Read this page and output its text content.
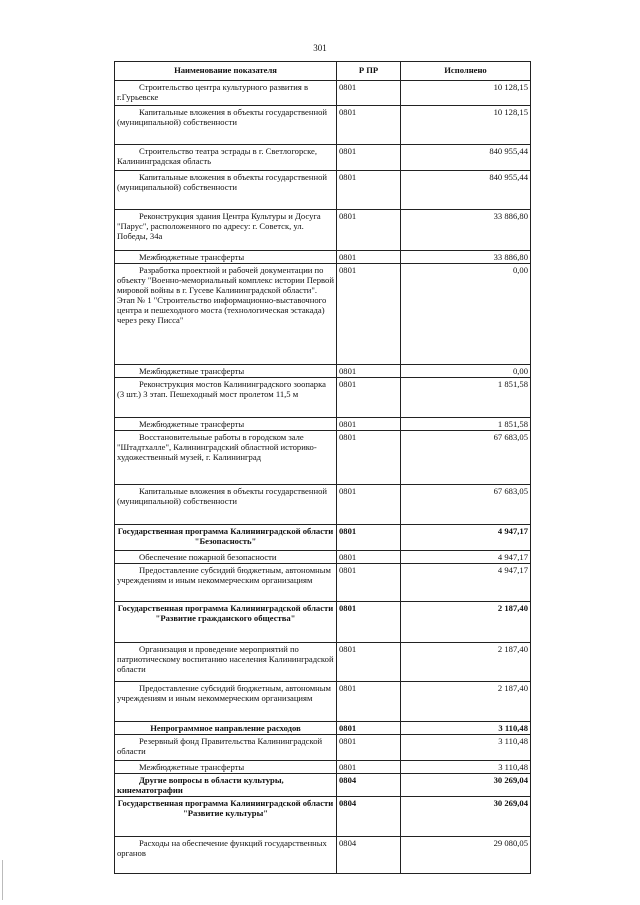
301
Наименование показателя	Р ПР	Исполнено
Строительство центра культурного развития в г.Гурьевске	0801	10 128,15
Капитальные вложения в объекты государственной (муниципальной) собственности	0801	10 128,15
Строительство театра эстрады в г. Светлогорске, Калининградская область	0801	840 955,44
Капитальные вложения в объекты государственной (муниципальной) собственности	0801	840 955,44
Реконструкция здания Центра Культуры и Досуга "Парус", расположенного по адресу: г. Советск, ул. Победы, 34а	0801	33 886,80
Межбюджетные трансферты	0801	33 886,80
Разработка проектной и рабочей документации по объекту "Военно-мемориальный комплекс истории Первой мировой войны в г. Гусеве Калининградской области". Этап № 1 "Строительство информационно-выставочного центра и пешеходного моста (технологическая эстакада) через реку Писса"	0801	0,00
Межбюджетные трансферты	0801	0,00
Реконструкция мостов Калининградского зоопарка (3 шт.) 3 этап. Пешеходный мост пролетом 11,5 м	0801	1 851,58
Межбюджетные трансферты	0801	1 851,58
Восстановительные работы в городском зале "Штадтхалле", Калининградский областной историко-художественный музей, г. Калининград	0801	67 683,05
Капитальные вложения в объекты государственной (муниципальной) собственности	0801	67 683,05
Государственная программа Калининградской области "Безопасность"	0801	4 947,17
Обеспечение пожарной безопасности	0801	4 947,17
Предоставление субсидий бюджетным, автономным учреждениям и иным некоммерческим организациям	0801	4 947,17
Государственная программа Калининградской области "Развитие гражданского общества"	0801	2 187,40
Организация и проведение мероприятий по патриотическому воспитанию населения Калининградской области	0801	2 187,40
Предоставление субсидий бюджетным, автономным учреждениям и иным некоммерческим организациям	0801	2 187,40
Непрограммное направление расходов	0801	3 110,48
Резервный фонд Правительства Калининградской области	0801	3 110,48
Межбюджетные трансферты	0801	3 110,48
Другие вопросы в области культуры, кинематографии	0804	30 269,04
Государственная программа Калининградской области "Развитие культуры"	0804	30 269,04
Расходы на обеспечение функций государственных органов	0804	29 080,05
